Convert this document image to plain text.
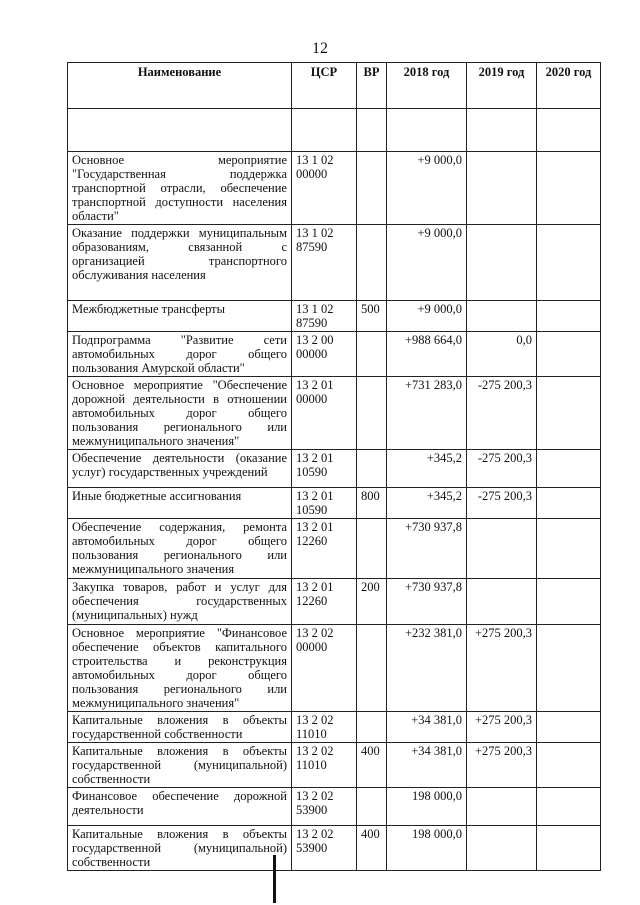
12
Наименование	ЦСР	ВР	2018 год	2019 год	2020 год

Основное мероприятие "Государственная поддержка транспортной отрасли, обеспечение транспортной доступности населения области"	13 1 02 00000		+9 000,0		
Оказание поддержки муниципальным образованиям, связанной с организацией транспортного обслуживания населения	13 1 02 87590		+9 000,0		
Межбюджетные трансферты	13 1 02 87590	500	+9 000,0		
Подпрограмма "Развитие сети автомобильных дорог общего пользования Амурской области"	13 2 00 00000		+988 664,0	0,0	
Основное мероприятие "Обеспечение дорожной деятельности в отношении автомобильных дорог общего пользования регионального или межмуниципального значения"	13 2 01 00000		+731 283,0	-275 200,3	
Обеспечение деятельности (оказание услуг) государственных учреждений	13 2 01 10590		+345,2	-275 200,3	
Иные бюджетные ассигнования	13 2 01 10590	800	+345,2	-275 200,3	
Обеспечение содержания, ремонта автомобильных дорог общего пользования регионального или межмуниципального значения	13 2 01 12260		+730 937,8		
Закупка товаров, работ и услуг для обеспечения государственных (муниципальных) нужд	13 2 01 12260	200	+730 937,8		
Основное мероприятие "Финансовое обеспечение объектов капитального строительства и реконструкция автомобильных дорог общего пользования регионального или межмуниципального значения"	13 2 02 00000		+232 381,0	+275 200,3	
Капитальные вложения в объекты государственной собственности	13 2 02 11010		+34 381,0	+275 200,3	
Капитальные вложения в объекты государственной (муниципальной) собственности	13 2 02 11010	400	+34 381,0	+275 200,3	
Финансовое обеспечение дорожной деятельности	13 2 02 53900		198 000,0		
Капитальные вложения в объекты государственной (муниципальной) собственности	13 2 02 53900	400	198 000,0		
